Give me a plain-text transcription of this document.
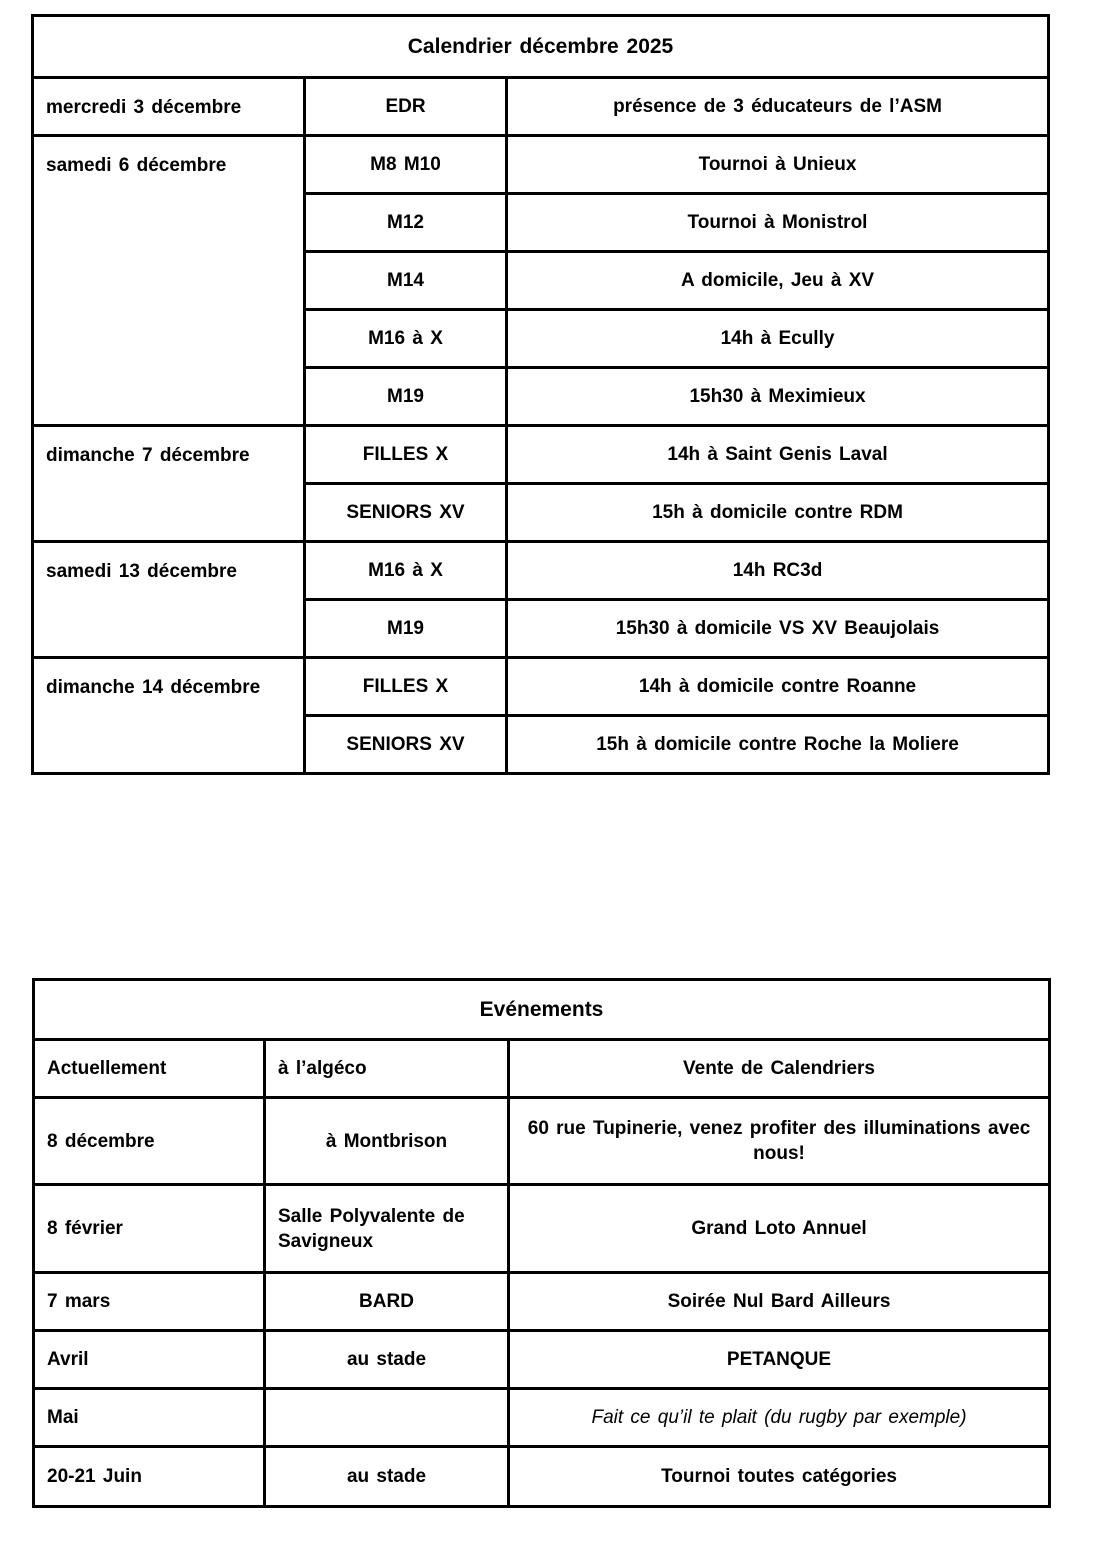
Calendrier décembre 2025		
mercredi 3 décembre	EDR	présence de 3 éducateurs de l’ASM
samedi 6 décembre	M8 M10	Tournoi à Unieux
	M12	Tournoi à Monistrol
	M14	A domicile, Jeu à XV
	M16 à X	14h à Ecully
	M19	15h30 à Meximieux
dimanche 7 décembre	FILLES X	14h à Saint Genis Laval
	SENIORS XV	15h à domicile contre RDM
samedi 13 décembre	M16 à X	14h RC3d
	M19	15h30 à domicile VS XV Beaujolais
dimanche 14 décembre	FILLES X	14h à domicile contre Roanne
	SENIORS XV	15h à domicile contre Roche la Moliere
Evénements		
Actuellement	à l’algéco	Vente de Calendriers
8 décembre	à Montbrison	60 rue Tupinerie, venez profiter des illuminations avec nous!
8 février	Salle Polyvalente de Savigneux	Grand Loto Annuel
7 mars	BARD	Soirée Nul Bard Ailleurs
Avril	au stade	PETANQUE
Mai		Fait ce qu’il te plait (du rugby par exemple)
20-21 Juin	au stade	Tournoi toutes catégories
